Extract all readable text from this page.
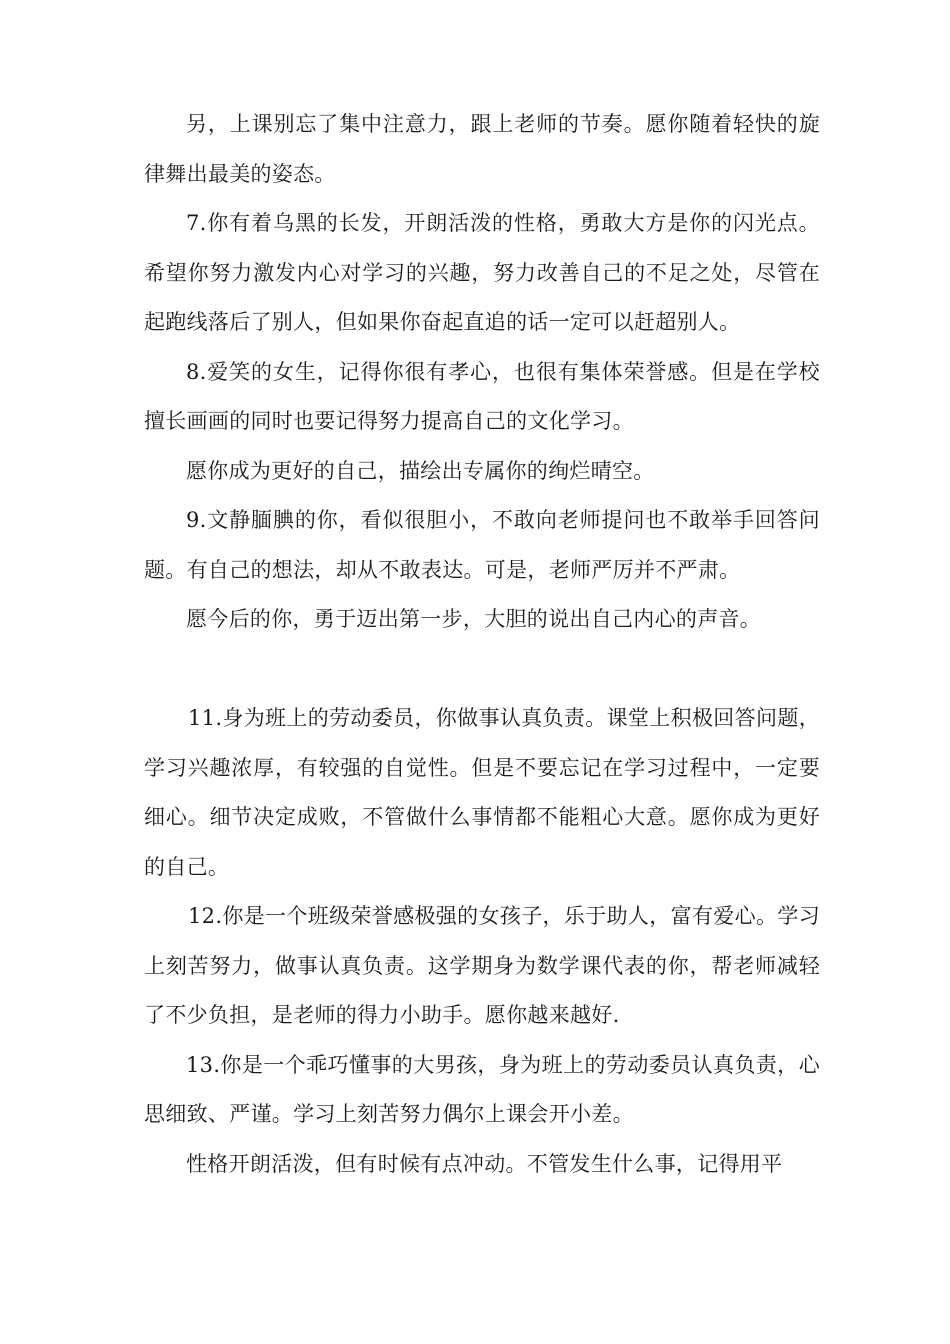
另，上课别忘了集中注意力，跟上老师的节奏。愿你随着轻快的旋律舞出最美的姿态。

7.你有着乌黑的长发，开朗活泼的性格，勇敢大方是你的闪光点。希望你努力激发内心对学习的兴趣，努力改善自己的不足之处，尽管在起跑线落后了别人，但如果你奋起直追的话一定可以赶超别人。

8.爱笑的女生，记得你很有孝心，也很有集体荣誉感。但是在学校擅长画画的同时也要记得努力提高自己的文化学习。

愿你成为更好的自己，描绘出专属你的绚烂晴空。

9.文静腼腆的你，看似很胆小，不敢向老师提问也不敢举手回答问题。有自己的想法，却从不敢表达。可是，老师严厉并不严肃。

愿今后的你，勇于迈出第一步，大胆的说出自己内心的声音。

11.身为班上的劳动委员，你做事认真负责。课堂上积极回答问题，学习兴趣浓厚，有较强的自觉性。但是不要忘记在学习过程中，一定要细心。细节决定成败，不管做什么事情都不能粗心大意。愿你成为更好的自己。

12.你是一个班级荣誉感极强的女孩子，乐于助人，富有爱心。学习上刻苦努力，做事认真负责。这学期身为数学课代表的你，帮老师减轻了不少负担，是老师的得力小助手。愿你越来越好.

13.你是一个乖巧懂事的大男孩，身为班上的劳动委员认真负责，心思细致、严谨。学习上刻苦努力偶尔上课会开小差。

性格开朗活泼，但有时候有点冲动。不管发生什么事，记得用平
